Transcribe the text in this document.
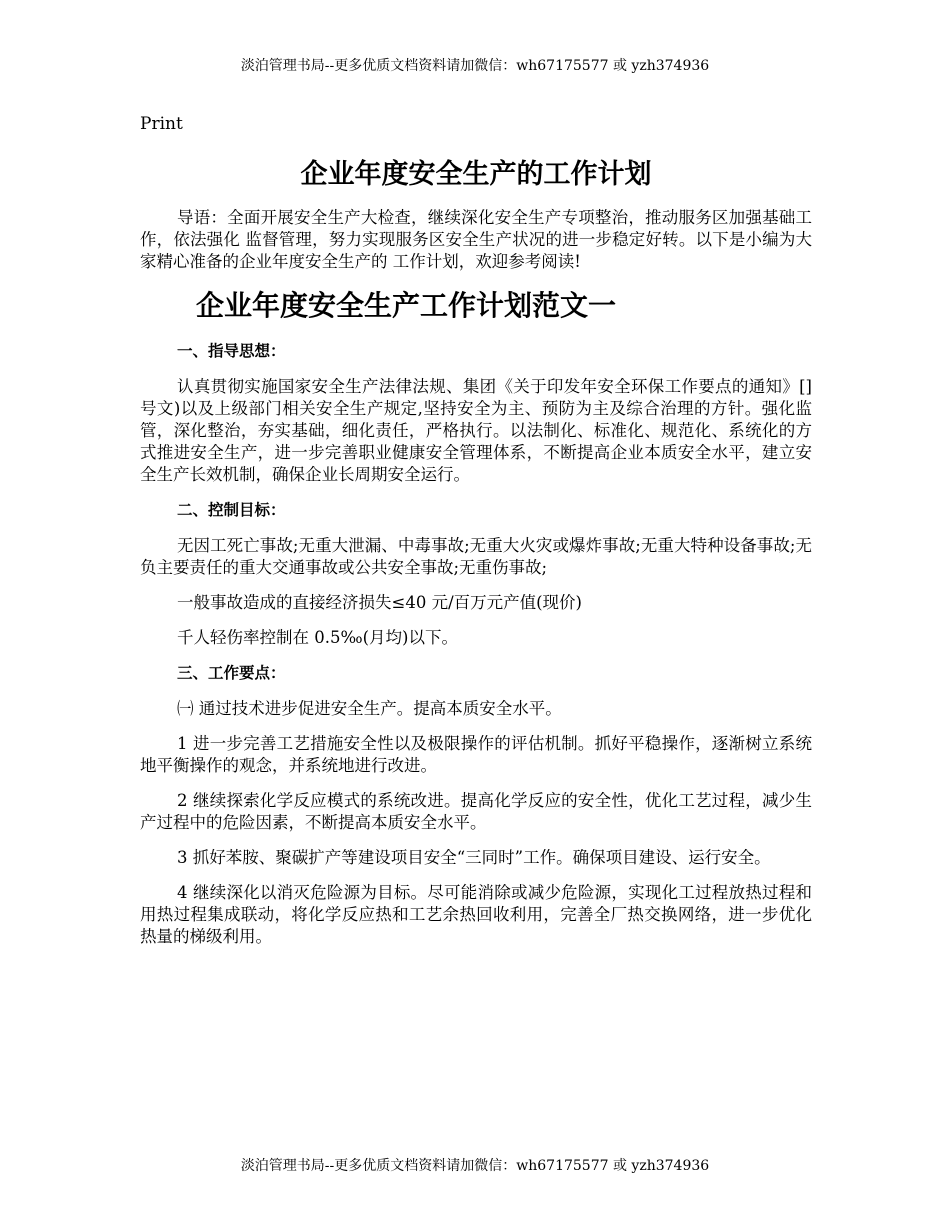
淡泊管理书局--更多优质文档资料请加微信：wh67175577 或 yzh374936
Print
企业年度安全生产的工作计划

导语：全面开展安全生产大检查，继续深化安全生产专项整治，推动服务区加强基础工作，依法强化 监督管理，努力实现服务区安全生产状况的进一步稳定好转。以下是小编为大家精心准备的企业年度安全生产的 工作计划，欢迎参考阅读!

企业年度安全生产工作计划范文一
一、指导思想：

认真贯彻实施国家安全生产法律法规、集团《关于印发年安全环保工作要点的通知》[]号文)以及上级部门相关安全生产规定,坚持安全为主、预防为主及综合治理的方针。强化监管，深化整治，夯实基础，细化责任，严格执行。以法制化、标准化、规范化、系统化的方式推进安全生产，进一步完善职业健康安全管理体系，不断提高企业本质安全水平，建立安全生产长效机制，确保企业长周期安全运行。

二、控制目标：

无因工死亡事故;无重大泄漏、中毒事故;无重大火灾或爆炸事故;无重大特种设备事故;无负主要责任的重大交通事故或公共安全事故;无重伤事故;

一般事故造成的直接经济损失≤40 元/百万元产值(现价)

千人轻伤率控制在 0.5‰(月均)以下。

三、工作要点：

㈠ 通过技术进步促进安全生产。提高本质安全水平。

1 进一步完善工艺措施安全性以及极限操作的评估机制。抓好平稳操作，逐渐树立系统地平衡操作的观念，并系统地进行改进。

2 继续探索化学反应模式的系统改进。提高化学反应的安全性，优化工艺过程，减少生产过程中的危险因素，不断提高本质安全水平。

3 抓好苯胺、聚碳扩产等建设项目安全“三同时”工作。确保项目建设、运行安全。

4 继续深化以消灭危险源为目标。尽可能消除或减少危险源，实现化工过程放热过程和用热过程集成联动，将化学反应热和工艺余热回收利用，完善全厂热交换网络，进一步优化热量的梯级利用。

淡泊管理书局--更多优质文档资料请加微信：wh67175577 或 yzh374936
